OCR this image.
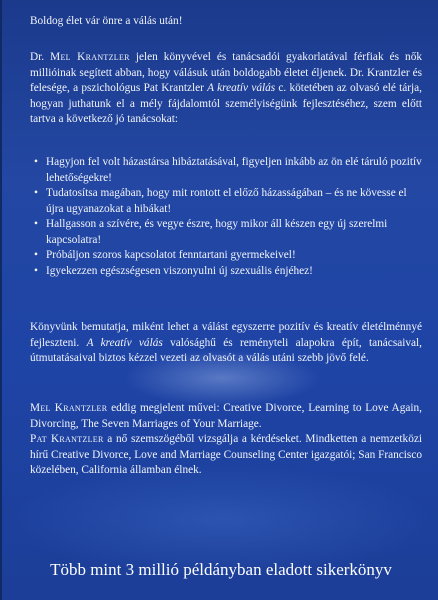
Boldog élet vár önre a válás után!
Dr. Mel Krantzler jelen könyvével és tanácsadói gyakorlatával férfiak és nők millióinak segített abban, hogy válásuk után boldogabb életet éljenek. Dr. Krantzler és felesége, a pszichológus Pat Krantzler A kreatív válás c. kötetében az olvasó elé tárja, hogyan juthatunk el a mély fájdalomtól személyiségünk fejlesztéséhez, szem előtt tartva a következő jó tanácsokat:
• Hagyjon fel volt házastársa hibáztatásával, figyeljen inkább az ön elé táruló pozitív lehetőségekre!
• Tudatosítsa magában, hogy mit rontott el előző házasságában – és ne kövesse el újra ugyanazokat a hibákat!
• Hallgasson a szívére, és vegye észre, hogy mikor áll készen egy új szerelmi kapcsolatra!
• Próbáljon szoros kapcsolatot fenntartani gyermekeivel!
• Igyekezzen egészségesen viszonyulni új szexuális énjéhez!
Könyvünk bemutatja, miként lehet a válást egyszerre pozitív és kreatív életélménnyé fejleszteni. A kreatív válás valósághű és reményteli alapokra épít, tanácsaival, útmutatásaival biztos kézzel vezeti az olvasót a válás utáni szebb jövő felé.
Mel Krantzler eddig megjelent művei: Creative Divorce, Learning to Love Again, Divorcing, The Seven Marriages of Your Marriage.
Pat Krantzler a nő szemszögéből vizsgálja a kérdéseket. Mindketten a nemzetközi hírű Creative Divorce, Love and Marriage Counseling Center igazgatói; San Francisco közelében, California államban élnek.
Több mint 3 millió példányban eladott sikerkönyv
